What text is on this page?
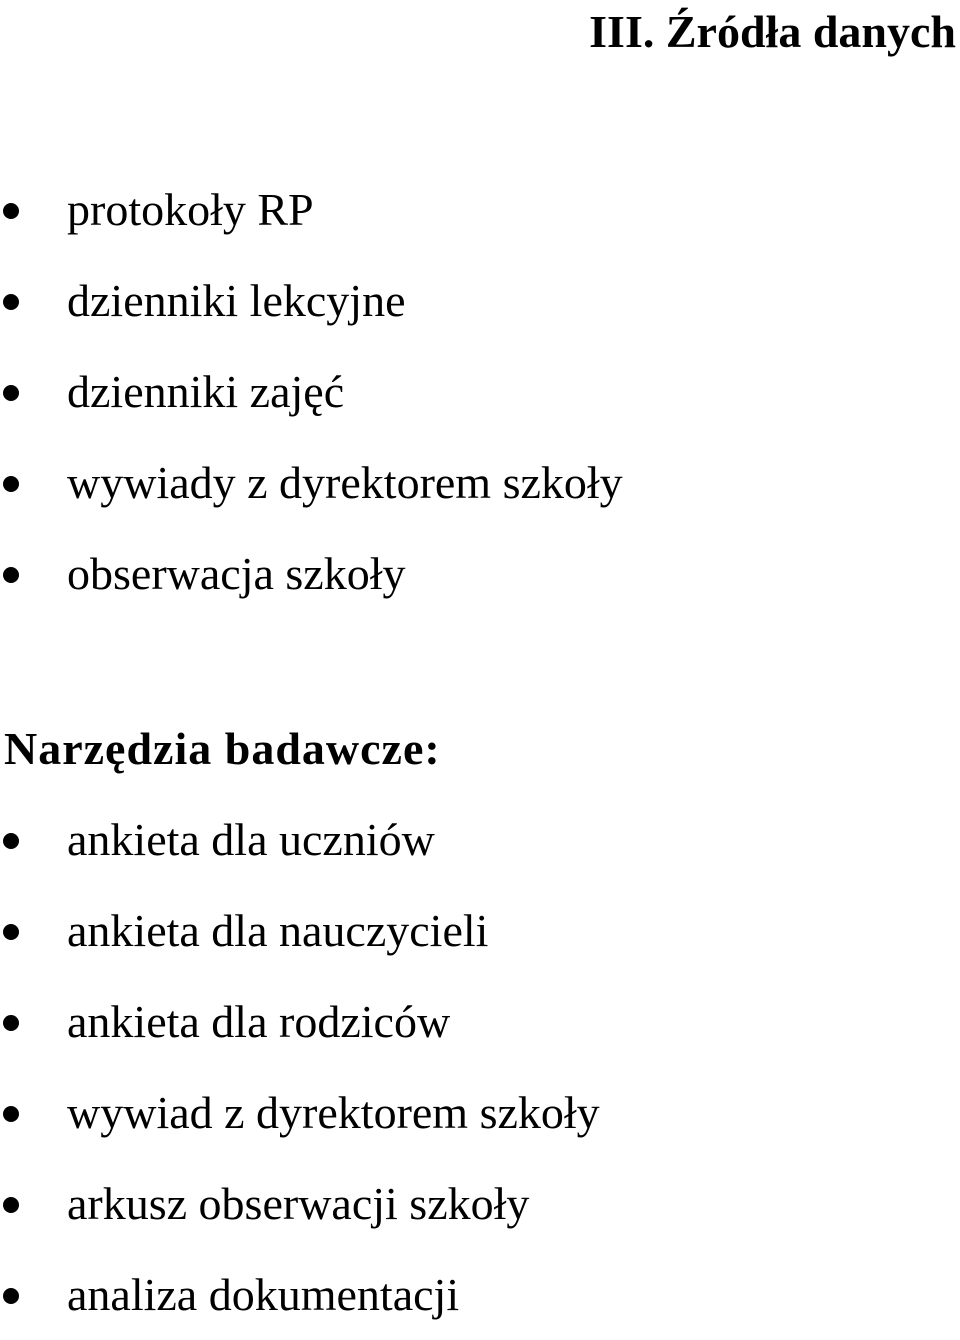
III. Źródła danych
protokoły RP
dzienniki lekcyjne
dzienniki zajęć
wywiady z dyrektorem szkoły
obserwacja szkoły
Narzędzia badawcze:
ankieta dla uczniów
ankieta dla nauczycieli
ankieta dla rodziców
wywiad z dyrektorem szkoły
arkusz obserwacji szkoły
analiza dokumentacji
